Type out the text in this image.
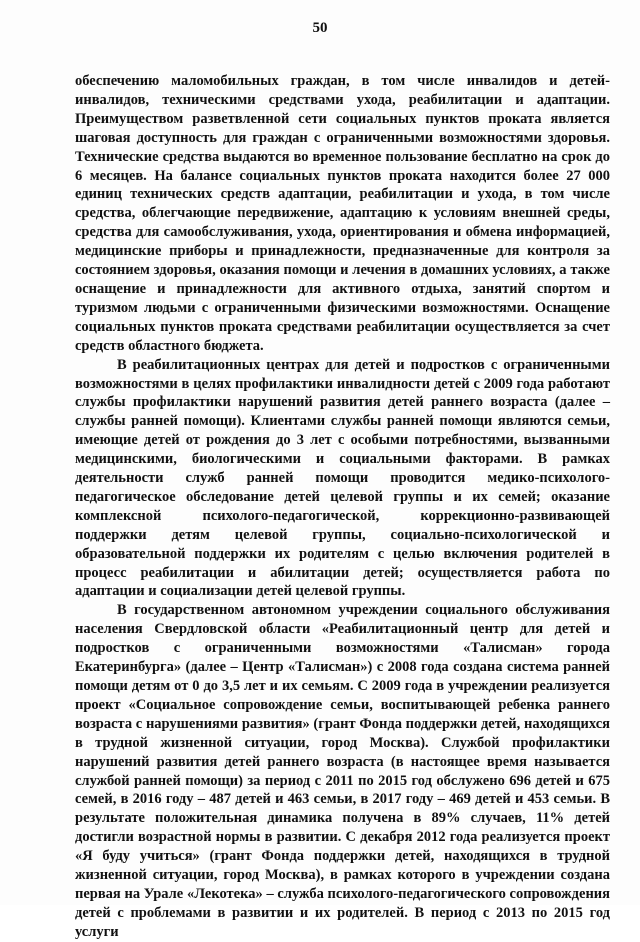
50

обеспечению маломобильных граждан, в том числе инвалидов и детей-инвалидов, техническими средствами ухода, реабилитации и адаптации. Преимуществом разветвленной сети социальных пунктов проката является шаговая доступность для граждан с ограниченными возможностями здоровья. Технические средства выдаются во временное пользование бесплатно на срок до 6 месяцев. На балансе социальных пунктов проката находится более 27 000 единиц технических средств адаптации, реабилитации и ухода, в том числе средства, облегчающие передвижение, адаптацию к условиям внешней среды, средства для самообслуживания, ухода, ориентирования и обмена информацией, медицинские приборы и принадлежности, предназначенные для контроля за состоянием здоровья, оказания помощи и лечения в домашних условиях, а также оснащение и принадлежности для активного отдыха, занятий спортом и туризмом людьми с ограниченными физическими возможностями. Оснащение социальных пунктов проката средствами реабилитации осуществляется за счет средств областного бюджета.

В реабилитационных центрах для детей и подростков с ограниченными возможностями в целях профилактики инвалидности детей с 2009 года работают службы профилактики нарушений развития детей раннего возраста (далее – службы ранней помощи). Клиентами службы ранней помощи являются семьи, имеющие детей от рождения до 3 лет с особыми потребностями, вызванными медицинскими, биологическими и социальными факторами. В рамках деятельности служб ранней помощи проводится медико-психолого-педагогическое обследование детей целевой группы и их семей; оказание комплексной психолого-педагогической, коррекционно-развивающей поддержки детям целевой группы, социально-психологической и образовательной поддержки их родителям с целью включения родителей в процесс реабилитации и абилитации детей; осуществляется работа по адаптации и социализации детей целевой группы.

В государственном автономном учреждении социального обслуживания населения Свердловской области «Реабилитационный центр для детей и подростков с ограниченными возможностями «Талисман» города Екатеринбурга» (далее – Центр «Талисман») с 2008 года создана система ранней помощи детям от 0 до 3,5 лет и их семьям. С 2009 года в учреждении реализуется проект «Социальное сопровождение семьи, воспитывающей ребенка раннего возраста с нарушениями развития» (грант Фонда поддержки детей, находящихся в трудной жизненной ситуации, город Москва). Службой профилактики нарушений развития детей раннего возраста (в настоящее время называется службой ранней помощи) за период с 2011 по 2015 год обслужено 696 детей и 675 семей, в 2016 году – 487 детей и 463 семьи, в 2017 году – 469 детей и 453 семьи. В результате положительная динамика получена в 89% случаев, 11% детей достигли возрастной нормы в развитии. С декабря 2012 года реализуется проект «Я буду учиться» (грант Фонда поддержки детей, находящихся в трудной жизненной ситуации, город Москва), в рамках которого в учреждении создана первая на Урале «Лекотека» – служба психолого-педагогического сопровождения детей с проблемами в развитии и их родителей. В период с 2013 по 2015 год услуги
